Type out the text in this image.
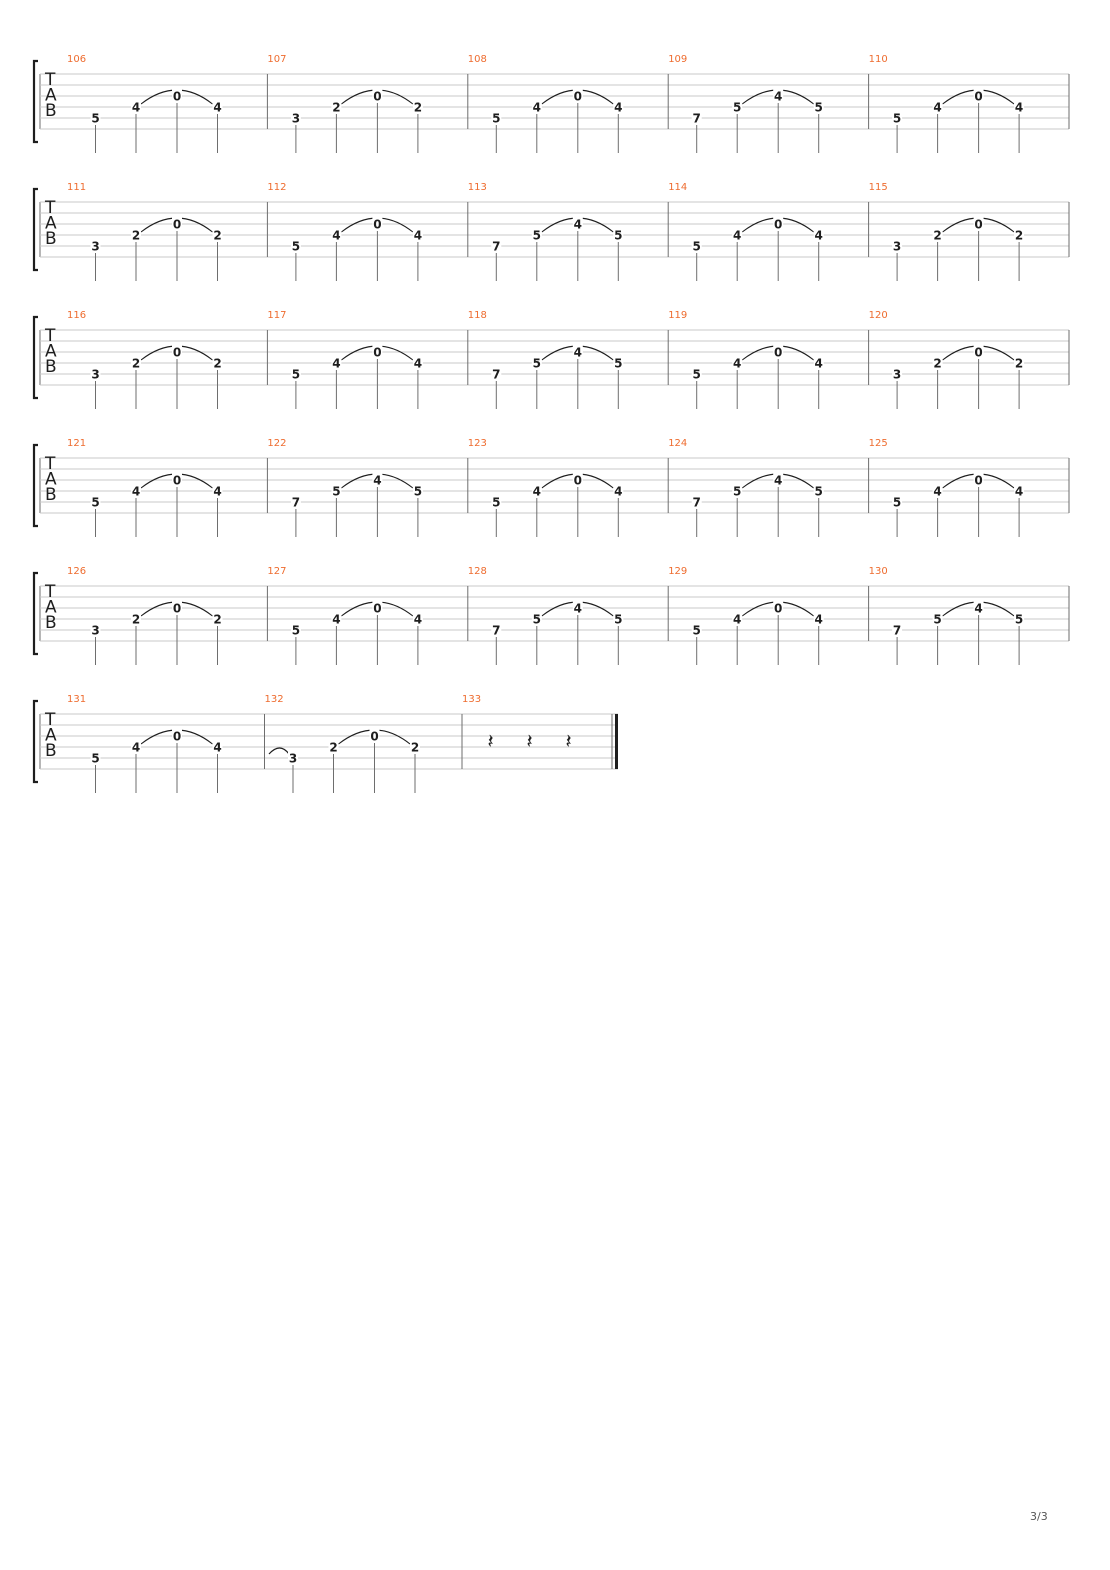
T
A
B
106
5
4
0
4
107
3
2
0
2
108
5
4
0
4
109
7
5
4
5
110
5
4
0
4
T
A
B
111
3
2
0
2
112
5
4
0
4
113
7
5
4
5
114
5
4
0
4
115
3
2
0
2
T
A
B
116
3
2
0
2
117
5
4
0
4
118
7
5
4
5
119
5
4
0
4
120
3
2
0
2
T
A
B
121
5
4
0
4
122
7
5
4
5
123
5
4
0
4
124
7
5
4
5
125
5
4
0
4
T
A
B
126
3
2
0
2
127
5
4
0
4
128
7
5
4
5
129
5
4
0
4
130
7
5
4
5
T
A
B
131
5
4
0
4
132
3
2
0
2
133
𝄽 𝄽 𝄽
3/3
